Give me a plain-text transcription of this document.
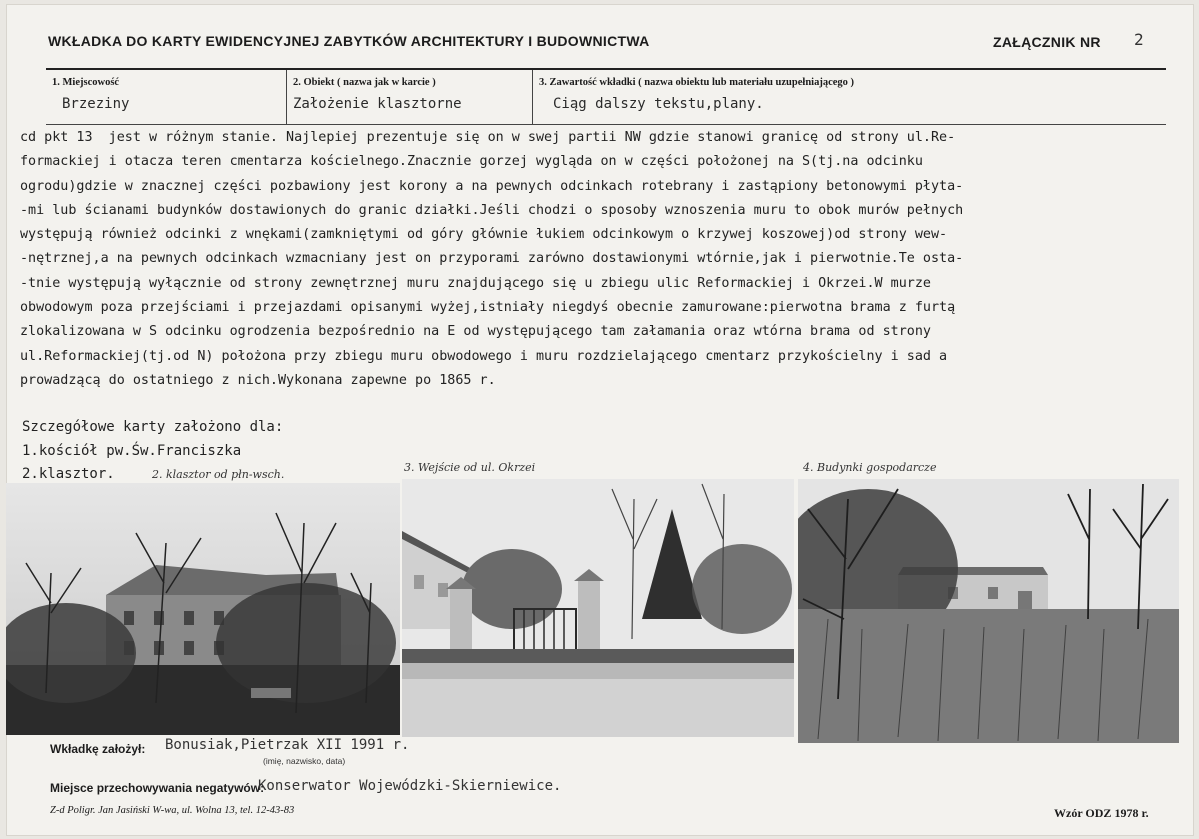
WKŁADKA DO KARTY EWIDENCYJNEJ ZABYTKÓW ARCHITEKTURY I BUDOWNICTWA	ZAŁĄCZNIK NR 2
1. Miejscowość
Brzeziny
2. Obiekt ( nazwa jak w karcie )
Założenie klasztorne
3. Zawartość wkładki ( nazwa obiektu lub materiału uzupełniającego )
Ciąg dalszy tekstu,plany.
cd pkt 13  jest w różnym stanie. Najlepiej prezentuje się on w swej partii NW gdzie stanowi granicę od strony ul.Re-
formackiej i otacza teren cmentarza kościelnego.Znacznie gorzej wygląda on w części położonej na S(tj.na odcinku
ogrodu)gdzie w znacznej części pozbawiony jest korony a na pewnych odcinkach rotebrany i zastąpiony betonowymi płyta-
-mi lub ścianami budynków dostawionych do granic działki.Jeśli chodzi o sposoby wznoszenia muru to obok murów pełnych
występują również odcinki z wnękami(zamkniętymi od góry głównie łukiem odcinkowym o krzywej koszowej)od strony wew-
-nętrznej,a na pewnych odcinkach wzmacniany jest on przyporami zarówno dostawionymi wtórnie,jak i pierwotnie.Te osta-
-tnie występują wyłącznie od strony zewnętrznej muru znajdującego się u zbiegu ulic Reformackiej i Okrzei.W murze
obwodowym poza przejściami i przejazdami opisanymi wyżej,istniały niegdyś obecnie zamurowane:pierwotna brama z furtą
zlokalizowana w S odcinku ogrodzenia bezpośrednio na E od występującego tam załamania oraz wtórna brama od strony
ul.Reformackiej(tj.od N) położona przy zbiegu muru obwodowego i muru rozdzielającego cmentarz przykościelny i sad a
prowadzącą do ostatniego z nich.Wykonana zapewne po 1865 r.
Szczegółowe karty założono dla:
1.kościół pw.Św.Franciszka
2.klasztor.	2. klasztor od płn-wsch.
3. Wejście od ul. Okrzei	4. Budynki gospodarcze
Wkładkę założył: Bonusiak,Pietrzak XII 1991 r.
(imię, nazwisko, data)
Miejsce przechowywania negatywów:
Konserwator Wojewódzki-Skierniewice.
Z-d Poligr. Jan Jasiński W-wa, ul. Wolna 13, tel. 12-43-83	Wzór ODZ 1978 r.
